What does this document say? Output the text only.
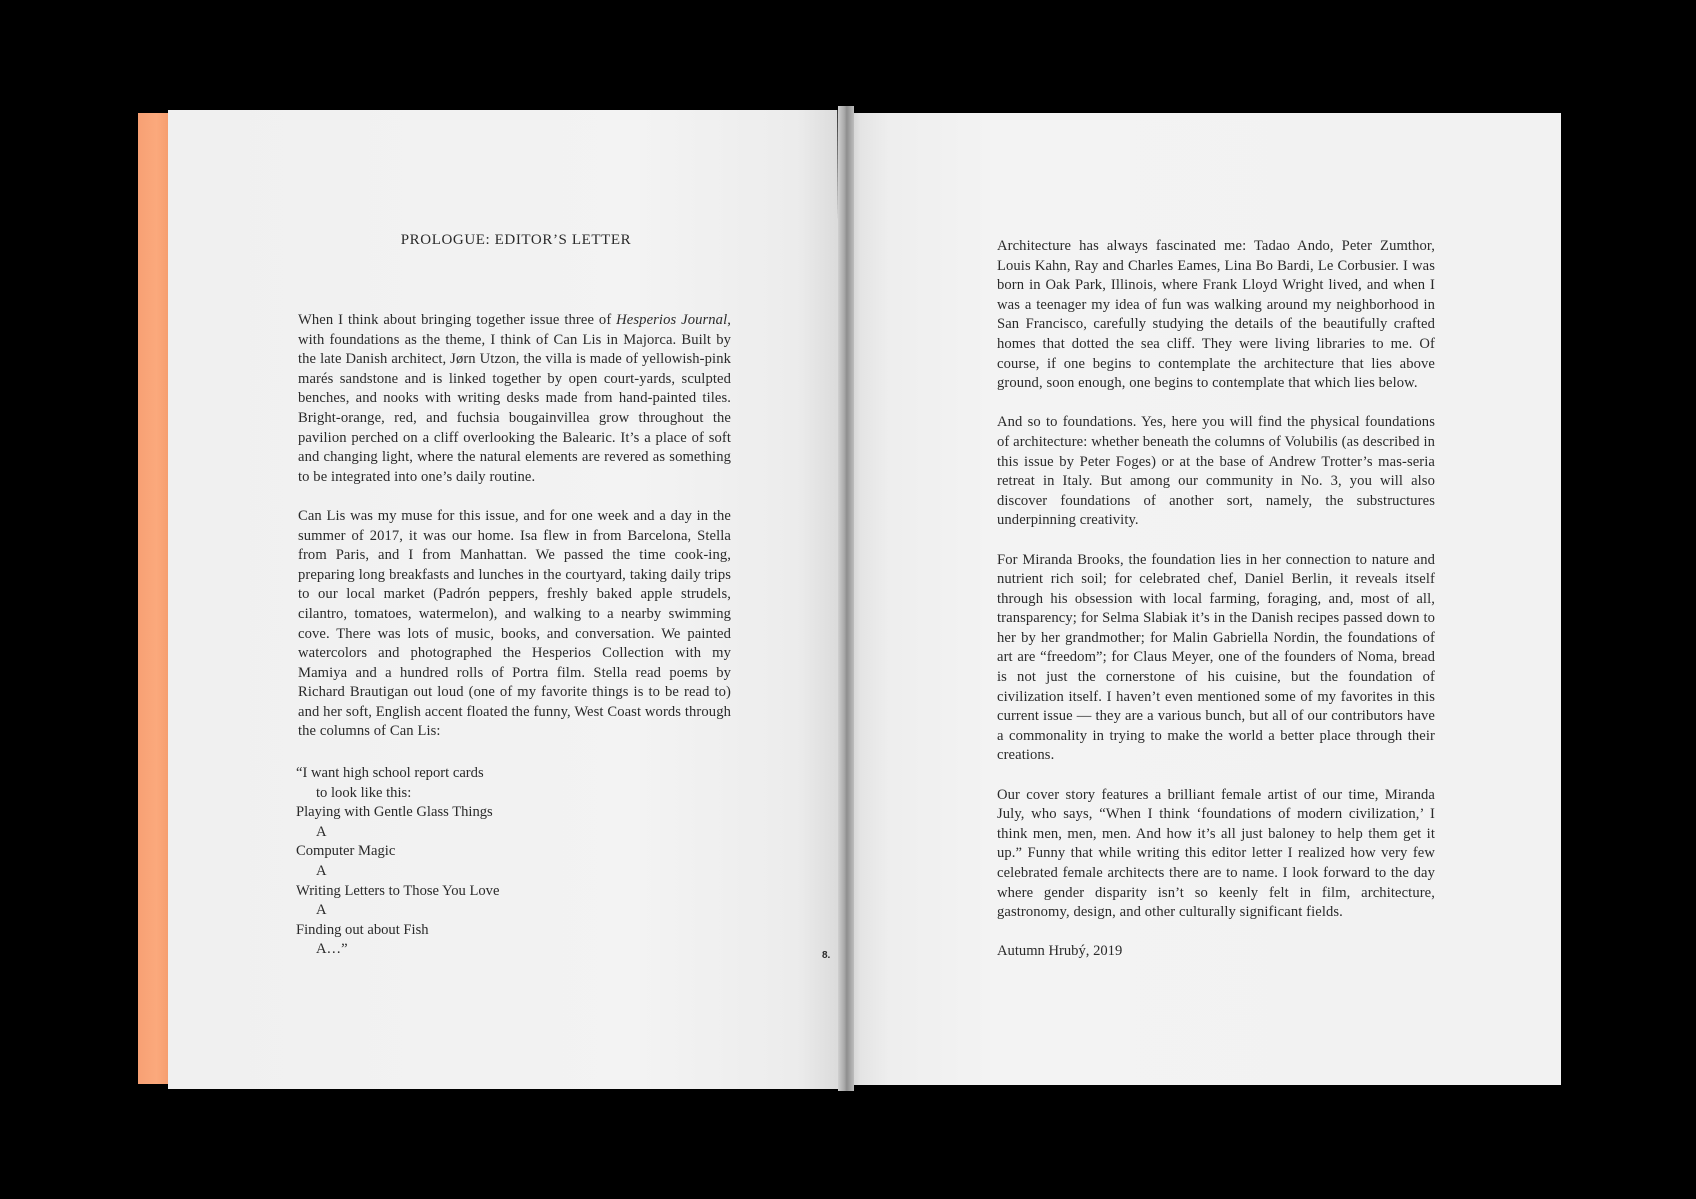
PROLOGUE: EDITOR’S LETTER

When I think about bringing together issue three of Hesperios Journal, with foundations as the theme, I think of Can Lis in Majorca. Built by the late Danish architect, Jørn Utzon, the villa is made of yellowish-pink marés sandstone and is linked together by open court-yards, sculpted benches, and nooks with writing desks made from hand-painted tiles. Bright-orange, red, and fuchsia bougainvillea grow throughout the pavilion perched on a cliff overlooking the Balearic. It’s a place of soft and changing light, where the natural elements are revered as something to be integrated into one’s daily routine.

Can Lis was my muse for this issue, and for one week and a day in the summer of 2017, it was our home. Isa flew in from Barcelona, Stella from Paris, and I from Manhattan. We passed the time cook-ing, preparing long breakfasts and lunches in the courtyard, taking daily trips to our local market (Padrón peppers, freshly baked apple strudels, cilantro, tomatoes, watermelon), and walking to a nearby swimming cove. There was lots of music, books, and conversation. We painted watercolors and photographed the Hesperios Collection with my Mamiya and a hundred rolls of Portra film. Stella read poems by Richard Brautigan out loud (one of my favorite things is to be read to) and her soft, English accent floated the funny, West Coast words through the columns of Can Lis:

“I want high school report cards
to look like this:
Playing with Gentle Glass Things
A
Computer Magic
A
Writing Letters to Those You Love
A
Finding out about Fish
A…”	8.

Architecture has always fascinated me: Tadao Ando, Peter Zumthor, Louis Kahn, Ray and Charles Eames, Lina Bo Bardi, Le Corbusier. I was born in Oak Park, Illinois, where Frank Lloyd Wright lived, and when I was a teenager my idea of fun was walking around my neighborhood in San Francisco, carefully studying the details of the beautifully crafted homes that dotted the sea cliff. They were living libraries to me. Of course, if one begins to contemplate the architecture that lies above ground, soon enough, one begins to contemplate that which lies below.

And so to foundations. Yes, here you will find the physical foundations of architecture: whether beneath the columns of Volubilis (as described in this issue by Peter Foges) or at the base of Andrew Trotter’s mas-seria retreat in Italy. But among our community in No. 3, you will also discover foundations of another sort, namely, the substructures underpinning creativity.

For Miranda Brooks, the foundation lies in her connection to nature and nutrient rich soil; for celebrated chef, Daniel Berlin, it reveals itself through his obsession with local farming, foraging, and, most of all, transparency; for Selma Slabiak it’s in the Danish recipes passed down to her by her grandmother; for Malin Gabriella Nordin, the foundations of art are “freedom”; for Claus Meyer, one of the founders of Noma, bread is not just the cornerstone of his cuisine, but the foundation of civilization itself. I haven’t even mentioned some of my favorites in this current issue — they are a various bunch, but all of our contributors have a commonality in trying to make the world a better place through their creations.

Our cover story features a brilliant female artist of our time, Miranda July, who says, “When I think ‘foundations of modern civilization,’ I think men, men, men. And how it’s all just baloney to help them get it up.” Funny that while writing this editor letter I realized how very few celebrated female architects there are to name. I look forward to the day where gender disparity isn’t so keenly felt in film, architecture, gastronomy, design, and other culturally significant fields.

Autumn Hrubý, 2019
